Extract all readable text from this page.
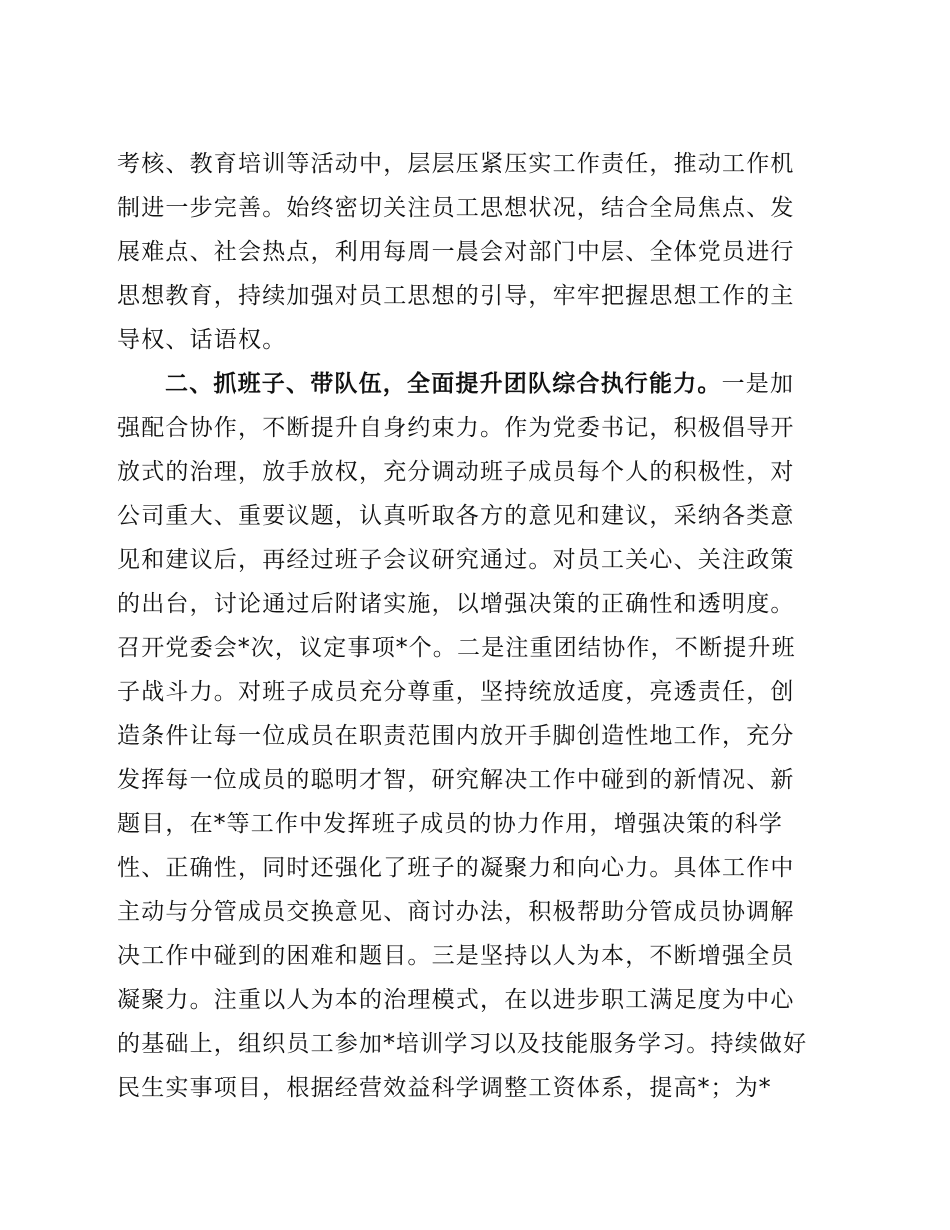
考核、教育培训等活动中，层层压紧压实工作责任，推动工作机
制进一步完善。始终密切关注员工思想状况，结合全局焦点、发
展难点、社会热点，利用每周一晨会对部门中层、全体党员进行
思想教育，持续加强对员工思想的引导，牢牢把握思想工作的主
导权、话语权。
二、抓班子、带队伍，全面提升团队综合执行能力。一是加
强配合协作，不断提升自身约束力。作为党委书记，积极倡导开
放式的治理，放手放权，充分调动班子成员每个人的积极性，对
公司重大、重要议题，认真听取各方的意见和建议，采纳各类意
见和建议后，再经过班子会议研究通过。对员工关心、关注政策
的出台，讨论通过后附诸实施，以增强决策的正确性和透明度。
召开党委会*次，议定事项*个。二是注重团结协作，不断提升班
子战斗力。对班子成员充分尊重，坚持统放适度，亮透责任，创
造条件让每一位成员在职责范围内放开手脚创造性地工作，充分
发挥每一位成员的聪明才智，研究解决工作中碰到的新情况、新
题目，在*等工作中发挥班子成员的协力作用，增强决策的科学
性、正确性，同时还强化了班子的凝聚力和向心力。具体工作中
主动与分管成员交换意见、商讨办法，积极帮助分管成员协调解
决工作中碰到的困难和题目。三是坚持以人为本，不断增强全员
凝聚力。注重以人为本的治理模式，在以进步职工满足度为中心
的基础上，组织员工参加*培训学习以及技能服务学习。持续做好
民生实事项目，根据经营效益科学调整工资体系，提高*；为*
